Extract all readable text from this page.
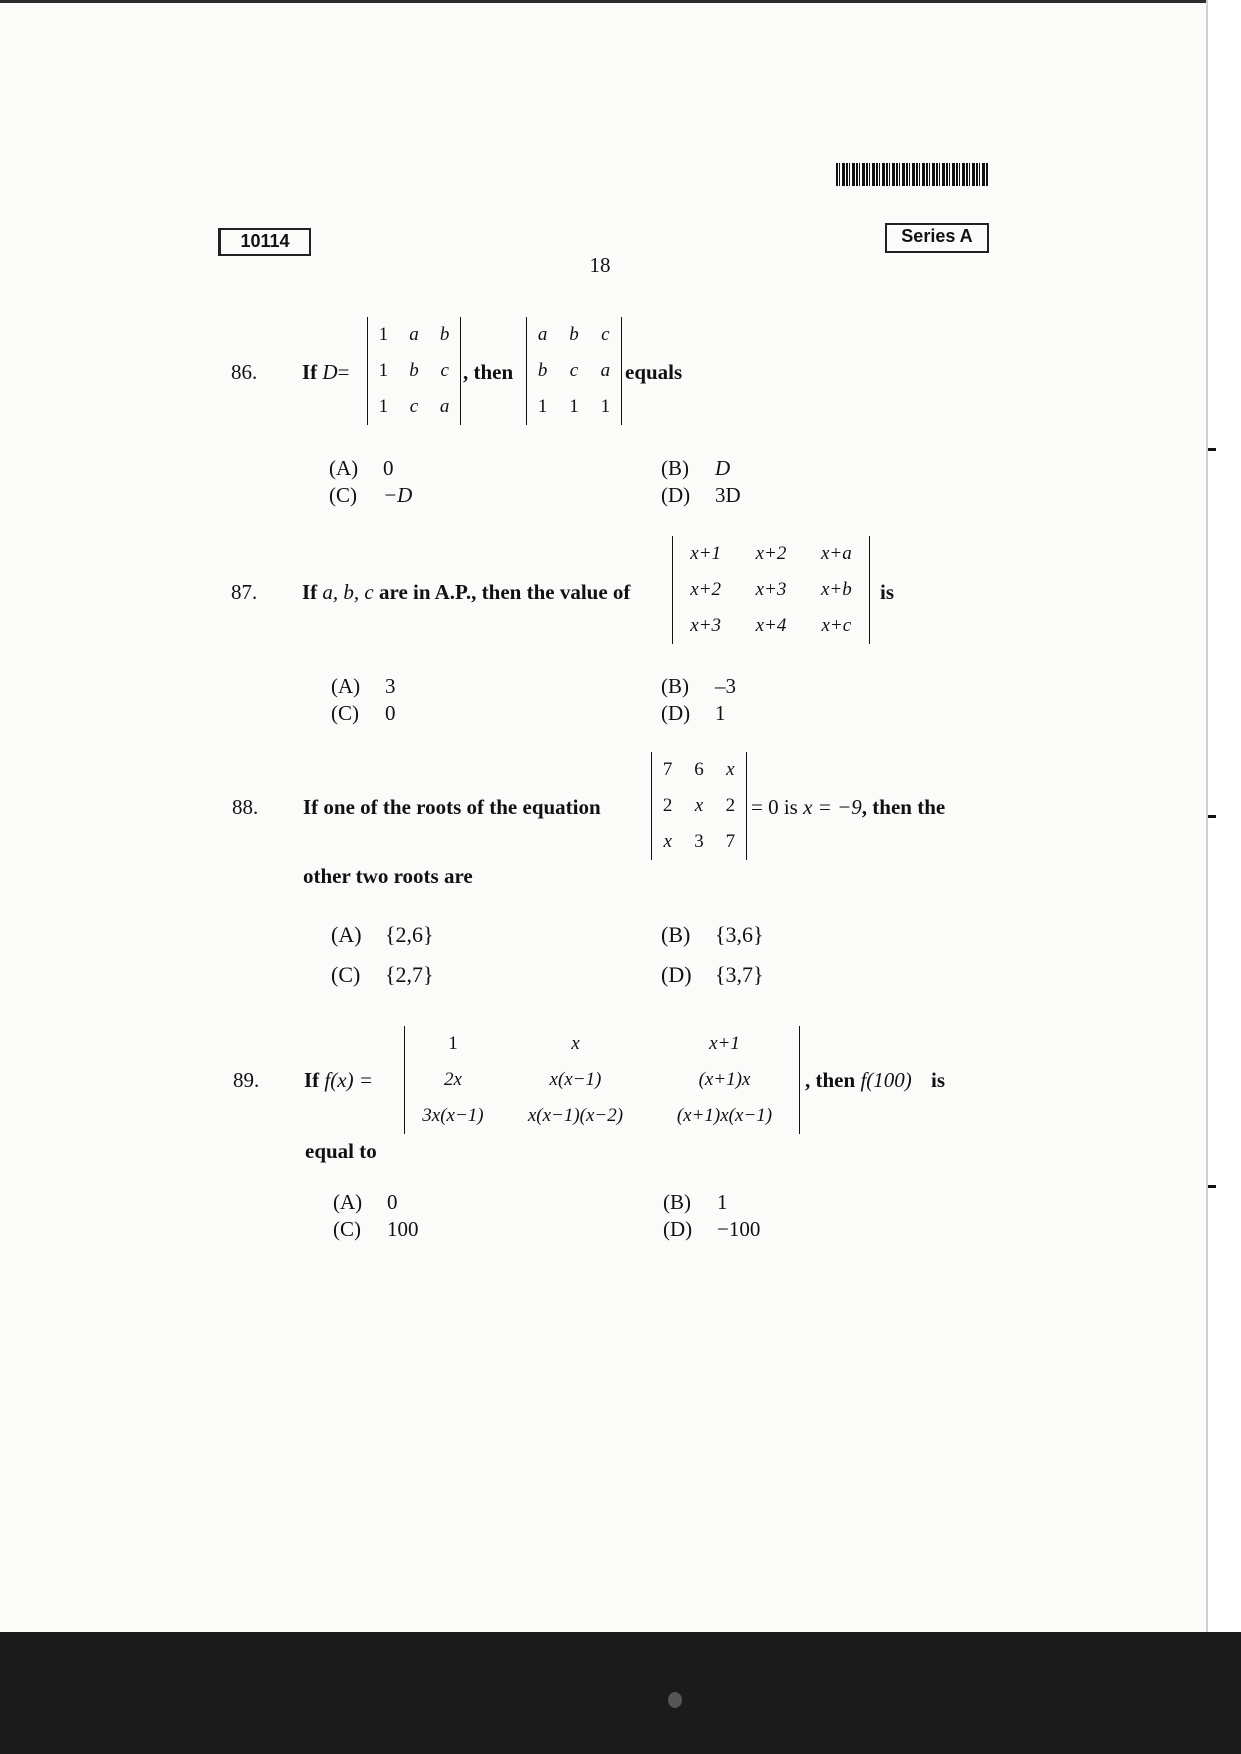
10114	Series A
18
86. If D=
1	a	b
1	b	c
1	c	a
, then
a	b	c
b	c	a
1	1	1
equals
(A) 0	(B) D
(C) −D	(D) 3D
87. If a, b, c are in A.P., then the value of
x+1	x+2	x+a
x+2	x+3	x+b
x+3	x+4	x+c
is
(A) 3	(B) –3
(C) 0	(D) 1
88. If one of the roots of the equation
7	6	x
2	x	2
x	3	7
= 0 is x = −9, then the
other two roots are
(A) {2,6}	(B) {3,6}
(C) {2,7}	(D) {3,7}
89. If f(x) =
1	x	x+1
2x	x(x−1)	(x+1)x
3x(x−1)	x(x−1)(x−2)	(x+1)x(x−1)
, then f(100) is
equal to
(A) 0	(B) 1
(C) 100	(D) −100
